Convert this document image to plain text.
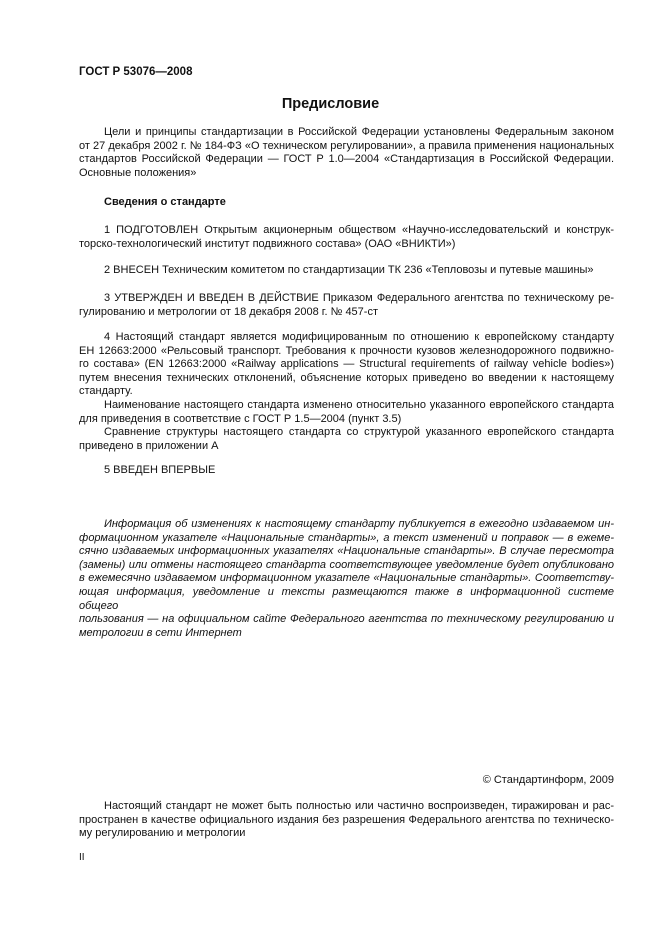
ГОСТ Р 53076—2008
Предисловие
Цели и принципы стандартизации в Российской Федерации установлены Федеральным законом
от 27 декабря 2002 г. № 184-ФЗ «О техническом регулировании», а правила применения национальных
стандартов Российской Федерации — ГОСТ Р 1.0—2004 «Стандартизация в Российской Федерации.
Основные положения»
Сведения о стандарте
1 ПОДГОТОВЛЕН Открытым акционерным обществом «Научно-исследовательский и конструк-
торско-технологический институт подвижного состава» (ОАО «ВНИКТИ»)
2 ВНЕСЕН Техническим комитетом по стандартизации ТК 236 «Тепловозы и путевые машины»
3 УТВЕРЖДЕН И ВВЕДЕН В ДЕЙСТВИЕ Приказом Федерального агентства по техническому ре-
гулированию и метрологии от 18 декабря 2008 г. № 457-ст
4 Настоящий стандарт является модифицированным по отношению к европейскому стандарту
ЕН 12663:2000 «Рельсовый транспорт. Требования к прочности кузовов железнодорожного подвижно-
го состава» (EN 12663:2000 «Railway applications — Structural requirements of railway vehicle bodies»)
путем внесения технических отклонений, объяснение которых приведено во введении к настоящему
стандарту.
Наименование настоящего стандарта изменено относительно указанного европейского стандарта
для приведения в соответствие с ГОСТ Р 1.5—2004 (пункт 3.5)
Сравнение структуры настоящего стандарта со структурой указанного европейского стандарта
приведено в приложении А
5 ВВЕДЕН ВПЕРВЫЕ
Информация об изменениях к настоящему стандарту публикуется в ежегодно издаваемом ин-
формационном указателе «Национальные стандарты», а текст изменений и поправок — в ежеме-
сячно издаваемых информационных указателях «Национальные стандарты». В случае пересмотра
(замены) или отмены настоящего стандарта соответствующее уведомление будет опубликовано
в ежемесячно издаваемом информационном указателе «Национальные стандарты». Соответству-
ющая информация, уведомление и тексты размещаются также в информационной системе общего
пользования — на официальном сайте Федерального агентства по техническому регулированию и
метрологии в сети Интернет
© Стандартинформ, 2009
Настоящий стандарт не может быть полностью или частично воспроизведен, тиражирован и рас-
пространен в качестве официального издания без разрешения Федерального агентства по техническо-
му регулированию и метрологии
II
